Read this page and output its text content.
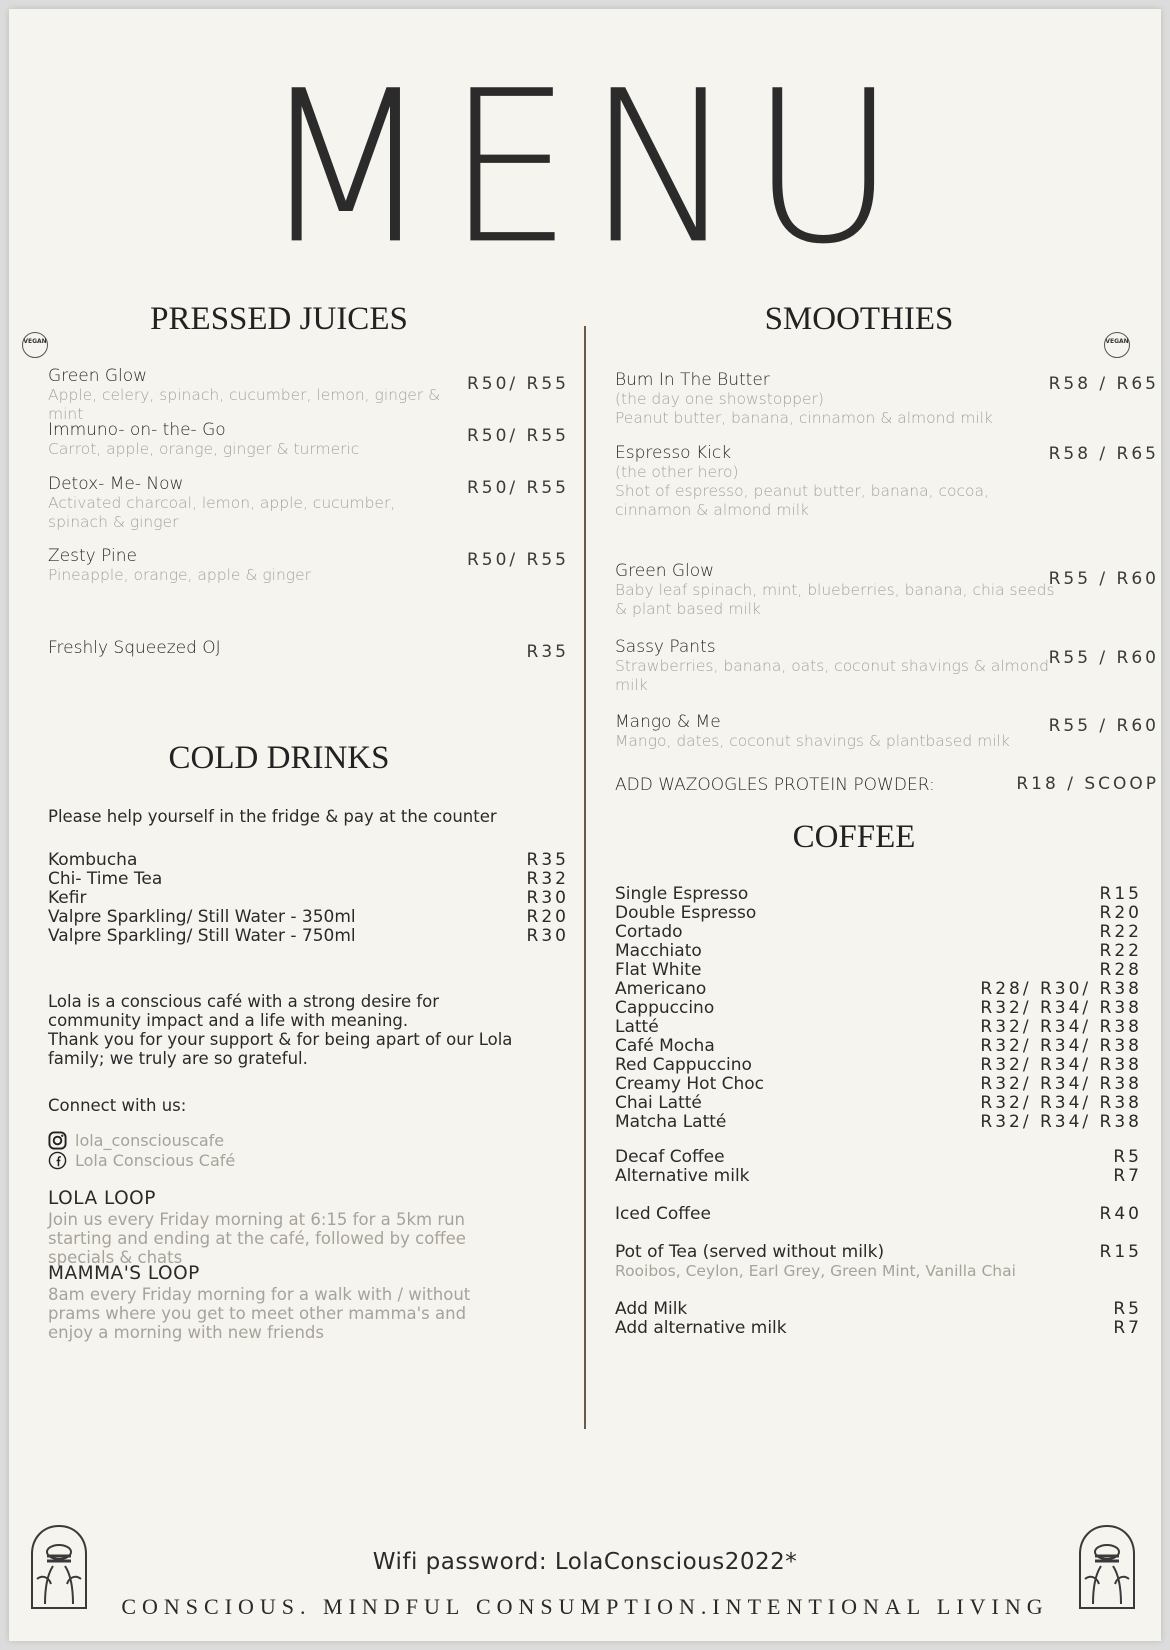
MENU
PRESSED JUICES
VEGAN
Green Glow
Apple, celery, spinach, cucumber, lemon, ginger & mint
R50/ R55
Immuno- on- the- Go
Carrot, apple, orange, ginger & turmeric
R50/ R55
Detox- Me- Now
Activated charcoal, lemon, apple, cucumber, spinach & ginger
R50/ R55
Zesty Pine
Pineapple, orange, apple & ginger
R50/ R55
Freshly Squeezed OJ	R35
COLD DRINKS
Please help yourself in the fridge & pay at the counter
Kombucha	R35
Chi- Time Tea	R32
Kefir	R30
Valpre Sparkling/ Still Water - 350ml	R20
Valpre Sparkling/ Still Water - 750ml	R30
Lola is a conscious café with a strong desire for community impact and a life with meaning.
Thank you for your support & for being apart of our Lola family; we truly are so grateful.
Connect with us:
lola_consciouscafe
Lola Conscious Café
LOLA LOOP
Join us every Friday morning at 6:15 for a 5km run starting and ending at the café, followed by coffee specials & chats
MAMMA'S LOOP
8am every Friday morning for a walk with / without prams where you get to meet other mamma's and enjoy a morning with new friends
SMOOTHIES
VEGAN
Bum In The Butter
(the day one showstopper)
Peanut butter, banana, cinnamon & almond milk
R58 / R65
Espresso Kick
(the other hero)
Shot of espresso, peanut butter, banana, cocoa, cinnamon & almond milk
R58 / R65
Green Glow
Baby leaf spinach, mint, blueberries, banana, chia seeds & plant based milk
R55 / R60
Sassy Pants
Strawberries, banana, oats, coconut shavings & almond milk
R55 / R60
Mango & Me
Mango, dates, coconut shavings & plantbased milk
R55 / R60
ADD WAZOOGLES PROTEIN POWDER:	R18 / SCOOP
COFFEE
Single Espresso	R15
Double Espresso	R20
Cortado	R22
Macchiato	R22
Flat White	R28
Americano	R28/ R30/ R38
Cappuccino	R32/ R34/ R38
Latté	R32/ R34/ R38
Café Mocha	R32/ R34/ R38
Red Cappuccino	R32/ R34/ R38
Creamy Hot Choc	R32/ R34/ R38
Chai Latté	R32/ R34/ R38
Matcha Latté	R32/ R34/ R38
Decaf Coffee	R5
Alternative milk	R7
Iced Coffee	R40
Pot of Tea (served without milk)	R15
Rooibos, Ceylon, Earl Grey, Green Mint, Vanilla Chai
Add Milk	R5
Add alternative milk	R7
Wifi password: LolaConscious2022*
CONSCIOUS. MINDFUL CONSUMPTION.INTENTIONAL LIVING
